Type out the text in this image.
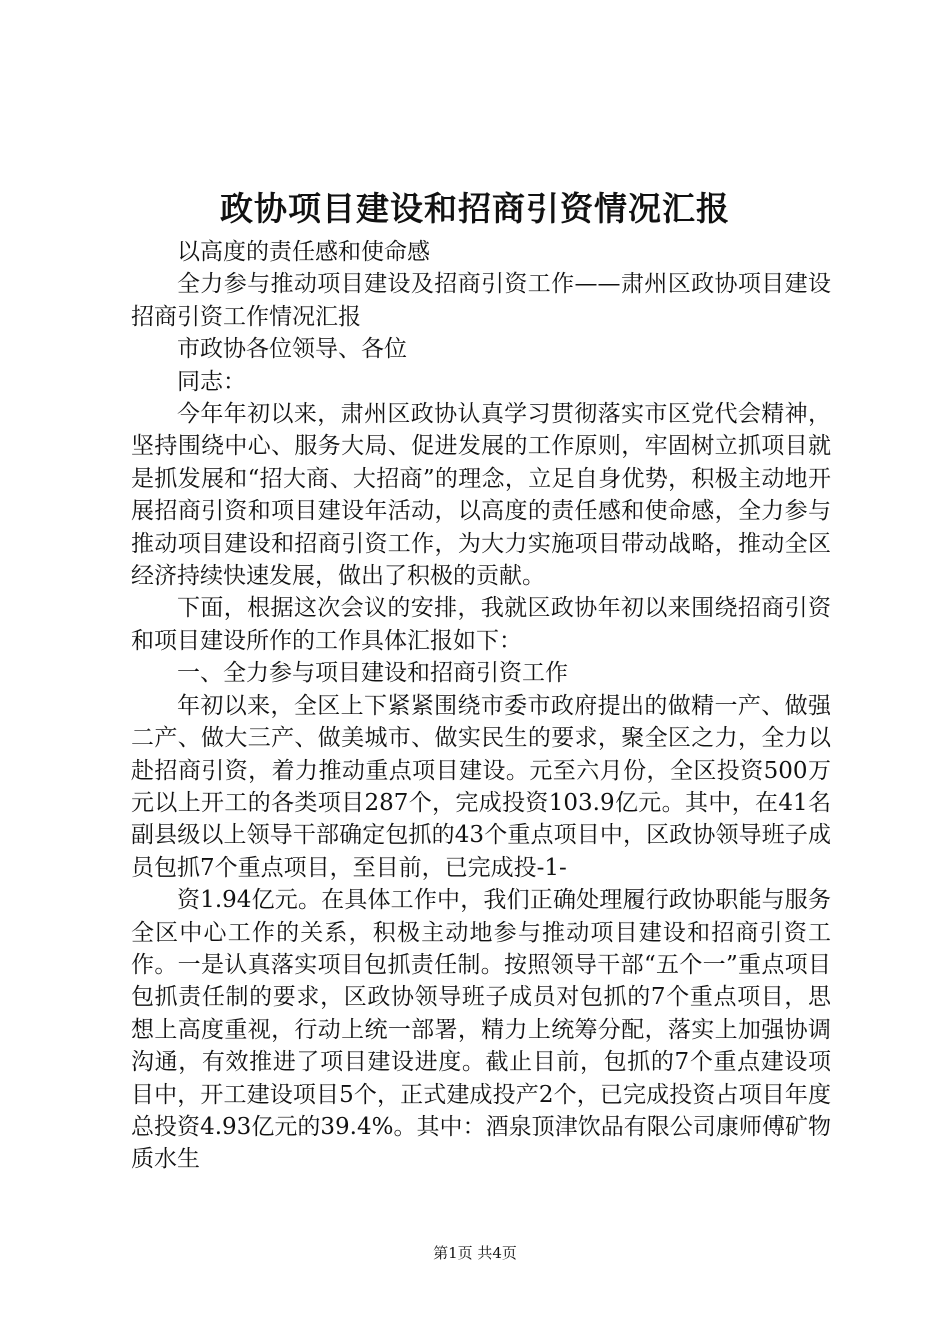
政协项目建设和招商引资情况汇报

以高度的责任感和使命感

全力参与推动项目建设及招商引资工作——肃州区政协项目建设招商引资工作情况汇报

市政协各位领导、各位

同志：

今年年初以来，肃州区政协认真学习贯彻落实市区党代会精神，坚持围绕中心、服务大局、促进发展的工作原则，牢固树立抓项目就是抓发展和“招大商、大招商”的理念，立足自身优势，积极主动地开展招商引资和项目建设年活动，以高度的责任感和使命感，全力参与推动项目建设和招商引资工作，为大力实施项目带动战略，推动全区经济持续快速发展，做出了积极的贡献。

下面，根据这次会议的安排，我就区政协年初以来围绕招商引资和项目建设所作的工作具体汇报如下：

一、全力参与项目建设和招商引资工作

年初以来，全区上下紧紧围绕市委市政府提出的做精一产、做强二产、做大三产、做美城市、做实民生的要求，聚全区之力，全力以赴招商引资，着力推动重点项目建设。元至六月份，全区投资500万元以上开工的各类项目287个，完成投资103.9亿元。其中，在41名副县级以上领导干部确定包抓的43个重点项目中，区政协领导班子成员包抓7个重点项目，至目前，已完成投-1-

资1.94亿元。在具体工作中，我们正确处理履行政协职能与服务全区中心工作的关系，积极主动地参与推动项目建设和招商引资工作。一是认真落实项目包抓责任制。按照领导干部“五个一”重点项目包抓责任制的要求，区政协领导班子成员对包抓的7个重点项目，思想上高度重视，行动上统一部署，精力上统筹分配，落实上加强协调沟通，有效推进了项目建设进度。截止目前，包抓的7个重点建设项目中，开工建设项目5个，正式建成投产2个，已完成投资占项目年度总投资4.93亿元的39.4%。其中：酒泉顶津饮品有限公司康师傅矿物质水生

第1页 共4页
